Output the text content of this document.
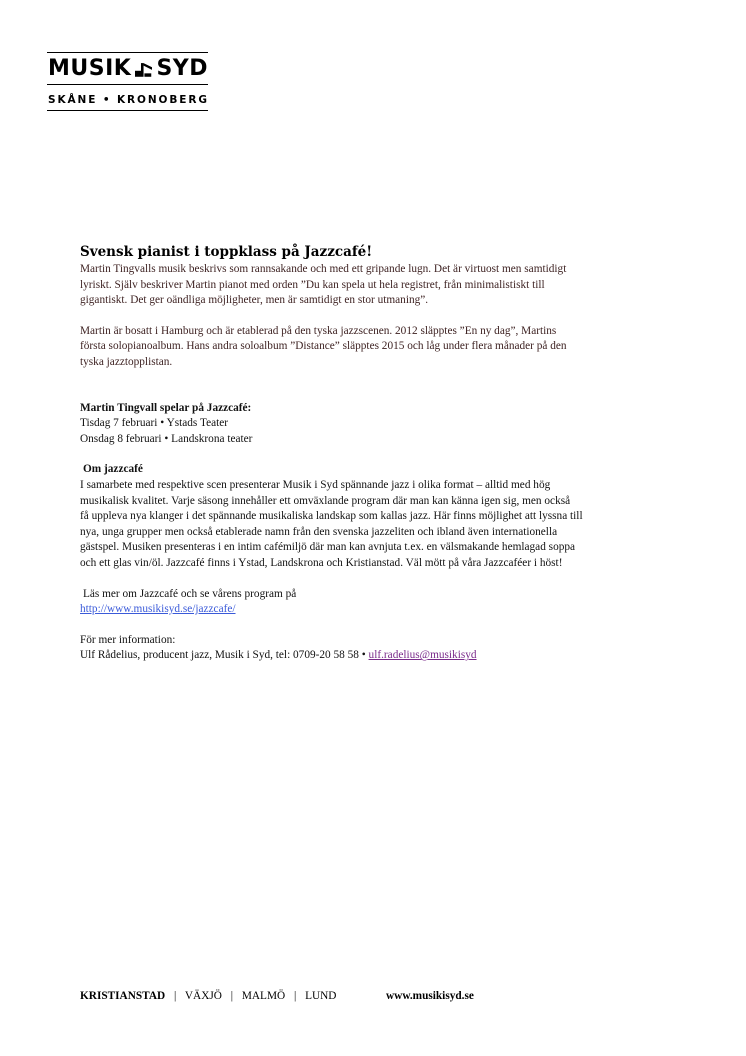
MUSIK SYD
SKÅNE • KRONOBERG

Svensk pianist i toppklass på Jazzcafé!

Martin Tingvalls musik beskrivs som rannsakande och med ett gripande lugn. Det är virtuost men samtidigt
lyriskt. Själv beskriver Martin pianot med orden ”Du kan spela ut hela registret, från minimalistiskt till
gigantiskt. Det ger oändliga möjligheter, men är samtidigt en stor utmaning”.

Martin är bosatt i Hamburg och är etablerad på den tyska jazzscenen. 2012 släpptes ”En ny dag”, Martins
första solopianoalbum. Hans andra soloalbum ”Distance” släpptes 2015 och låg under flera månader på den
tyska jazztopplistan.

Martin Tingvall spelar på Jazzcafé:
Tisdag 7 februari • Ystads Teater
Onsdag 8 februari • Landskrona teater

Om jazzcafé
I samarbete med respektive scen presenterar Musik i Syd spännande jazz i olika format – alltid med hög
musikalisk kvalitet. Varje säsong innehåller ett omväxlande program där man kan känna igen sig, men också
få uppleva nya klanger i det spännande musikaliska landskap som kallas jazz. Här finns möjlighet att lyssna till
nya, unga grupper men också etablerade namn från den svenska jazzeliten och ibland även internationella
gästspel. Musiken presenteras i en intim cafémiljö där man kan avnjuta t.ex. en välsmakande hemlagad soppa
och ett glas vin/öl. Jazzcafé finns i Ystad, Landskrona och Kristianstad. Väl mött på våra Jazzcaféer i höst!

Läs mer om Jazzcafé och se vårens program på
http://www.musikisyd.se/jazzcafe/

För mer information:
Ulf Rådelius, producent jazz, Musik i Syd, tel: 0709-20 58 58 • ulf.radelius@musikisyd

KRISTIANSTAD | VÄXJÖ | MALMÖ | LUND	www.musikisyd.se
